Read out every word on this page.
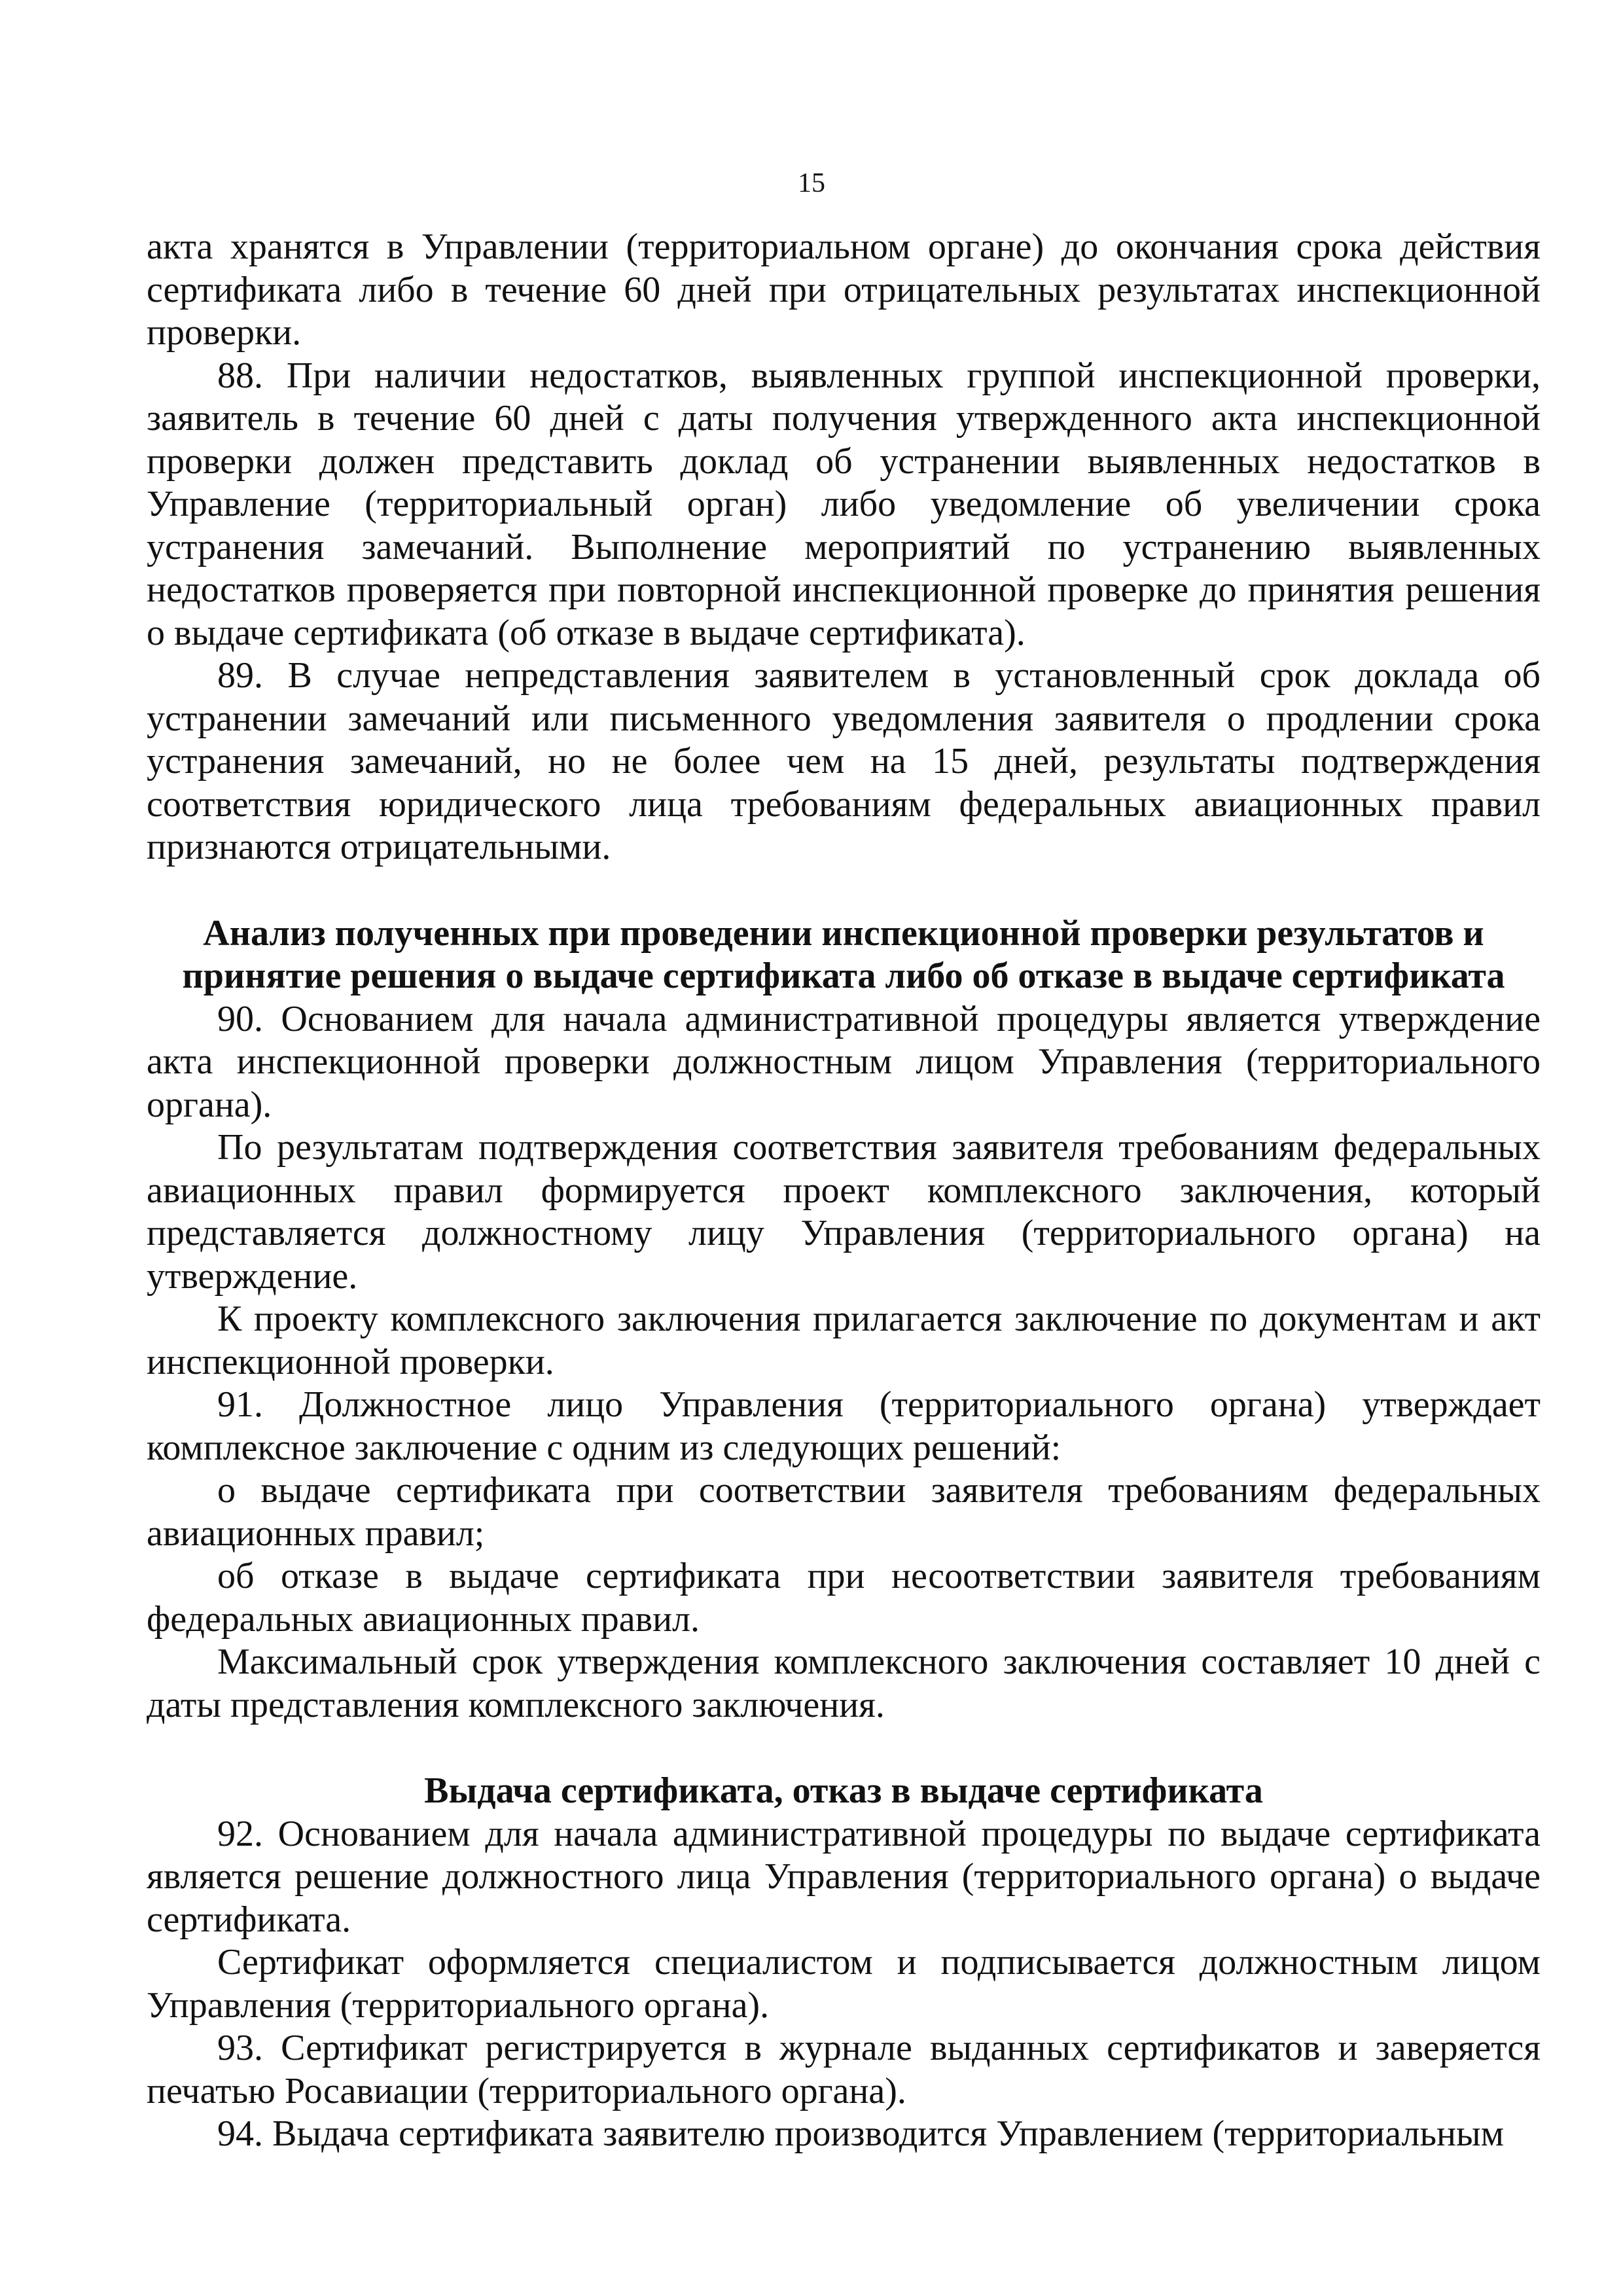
15

акта хранятся в Управлении (территориальном органе) до окончания срока действия сертификата либо в течение 60 дней при отрицательных результатах инспекционной проверки.

88. При наличии недостатков, выявленных группой инспекционной проверки, заявитель в течение 60 дней с даты получения утвержденного акта инспекционной проверки должен представить доклад об устранении выявленных недостатков в Управление (территориальный орган) либо уведомление об увеличении срока устранения замечаний. Выполнение мероприятий по устранению выявленных недостатков проверяется при повторной инспекционной проверке до принятия решения о выдаче сертификата (об отказе в выдаче сертификата).

89. В случае непредставления заявителем в установленный срок доклада об устранении замечаний или письменного уведомления заявителя о продлении срока устранения замечаний, но не более чем на 15 дней, результаты подтверждения соответствия юридического лица требованиям федеральных авиационных правил признаются отрицательными.

Анализ полученных при проведении инспекционной проверки результатов и принятие решения о выдаче сертификата либо об отказе в выдаче сертификата

90. Основанием для начала административной процедуры является утверждение акта инспекционной проверки должностным лицом Управления (территориального органа).

По результатам подтверждения соответствия заявителя требованиям федеральных авиационных правил формируется проект комплексного заключения, который представляется должностному лицу Управления (территориального органа) на утверждение.

К проекту комплексного заключения прилагается заключение по документам и акт инспекционной проверки.

91. Должностное лицо Управления (территориального органа) утверждает комплексное заключение с одним из следующих решений:

о выдаче сертификата при соответствии заявителя требованиям федеральных авиационных правил;

об отказе в выдаче сертификата при несоответствии заявителя требованиям федеральных авиационных правил.

Максимальный срок утверждения комплексного заключения составляет 10 дней с даты представления комплексного заключения.

Выдача сертификата, отказ в выдаче сертификата

92. Основанием для начала административной процедуры по выдаче сертификата является решение должностного лица Управления (территориального органа) о выдаче сертификата.

Сертификат оформляется специалистом и подписывается должностным лицом Управления (территориального органа).

93. Сертификат регистрируется в журнале выданных сертификатов и заверяется печатью Росавиации (территориального органа).

94. Выдача сертификата заявителю производится Управлением (территориальным
